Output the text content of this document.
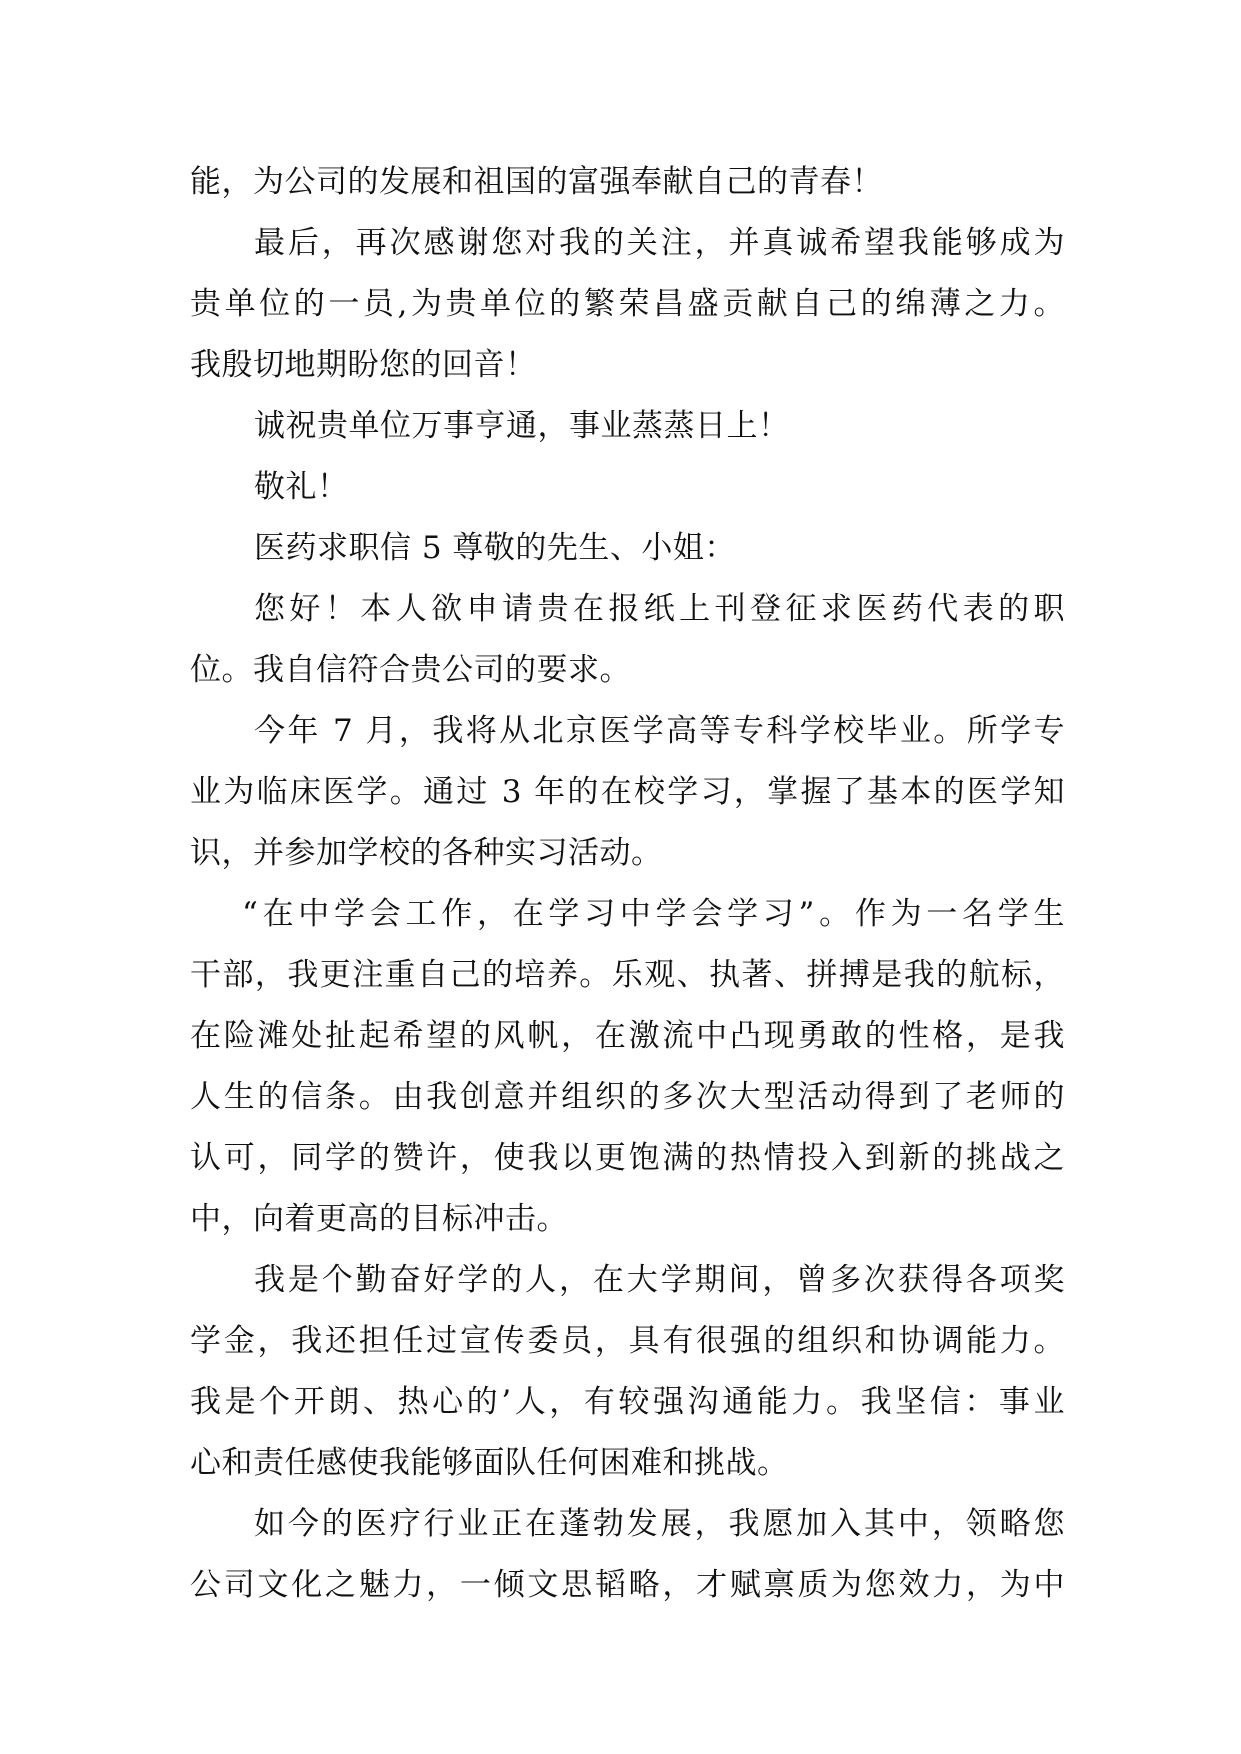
能，为公司的发展和祖国的富强奉献自己的青春！
最后，再次感谢您对我的关注，并真诚希望我能够成为
贵单位的一员,为贵单位的繁荣昌盛贡献自己的绵薄之力。
我殷切地期盼您的回音！
诚祝贵单位万事亨通，事业蒸蒸日上！
敬礼！
医药求职信 5 尊敬的先生、小姐：
您好！本人欲申请贵在报纸上刊登征求医药代表的职
位。我自信符合贵公司的要求。
今年 7 月，我将从北京医学高等专科学校毕业。所学专
业为临床医学。通过 3 年的在校学习，掌握了基本的医学知
识，并参加学校的各种实习活动。
“在中学会工作，在学习中学会学习”。作为一名学生
干部，我更注重自己的培养。乐观、执著、拼搏是我的航标，
在险滩处扯起希望的风帆，在激流中凸现勇敢的性格，是我
人生的信条。由我创意并组织的多次大型活动得到了老师的
认可，同学的赞许，使我以更饱满的热情投入到新的挑战之
中，向着更高的目标冲击。
我是个勤奋好学的人，在大学期间，曾多次获得各项奖
学金，我还担任过宣传委员，具有很强的组织和协调能力。
我是个开朗、热心的’人，有较强沟通能力。我坚信：事业
心和责任感使我能够面队任何困难和挑战。
如今的医疗行业正在蓬勃发展，我愿加入其中，领略您
公司文化之魅力，一倾文思韬略，才赋禀质为您效力，为中
